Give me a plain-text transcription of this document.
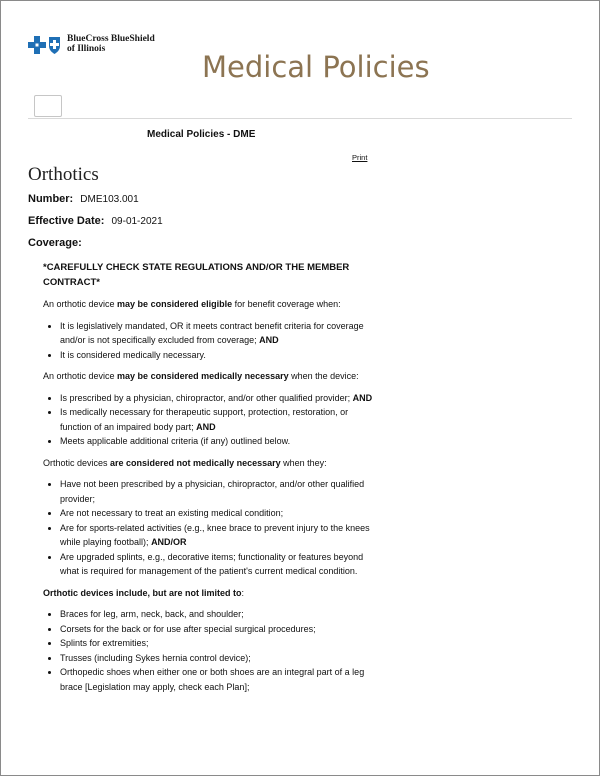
BlueCross BlueShield
of Illinois
Medical Policies
Medical Policies - DME
Print
Orthotics
Number: DME103.001
Effective Date: 09-01-2021
Coverage:

*CAREFULLY CHECK STATE REGULATIONS AND/OR THE MEMBER CONTRACT*

An orthotic device may be considered eligible for benefit coverage when:

• It is legislatively mandated, OR it meets contract benefit criteria for coverage and/or is not specifically excluded from coverage; AND
• It is considered medically necessary.

An orthotic device may be considered medically necessary when the device:

• Is prescribed by a physician, chiropractor, and/or other qualified provider; AND
• Is medically necessary for therapeutic support, protection, restoration, or function of an impaired body part; AND
• Meets applicable additional criteria (if any) outlined below.

Orthotic devices are considered not medically necessary when they:

• Have not been prescribed by a physician, chiropractor, and/or other qualified provider;
• Are not necessary to treat an existing medical condition;
• Are for sports-related activities (e.g., knee brace to prevent injury to the knees while playing football); AND/OR
• Are upgraded splints, e.g., decorative items; functionality or features beyond what is required for management of the patient's current medical condition.

Orthotic devices include, but are not limited to:

• Braces for leg, arm, neck, back, and shoulder;
• Corsets for the back or for use after special surgical procedures;
• Splints for extremities;
• Trusses (including Sykes hernia control device);
• Orthopedic shoes when either one or both shoes are an integral part of a leg brace [Legislation may apply, check each Plan];
